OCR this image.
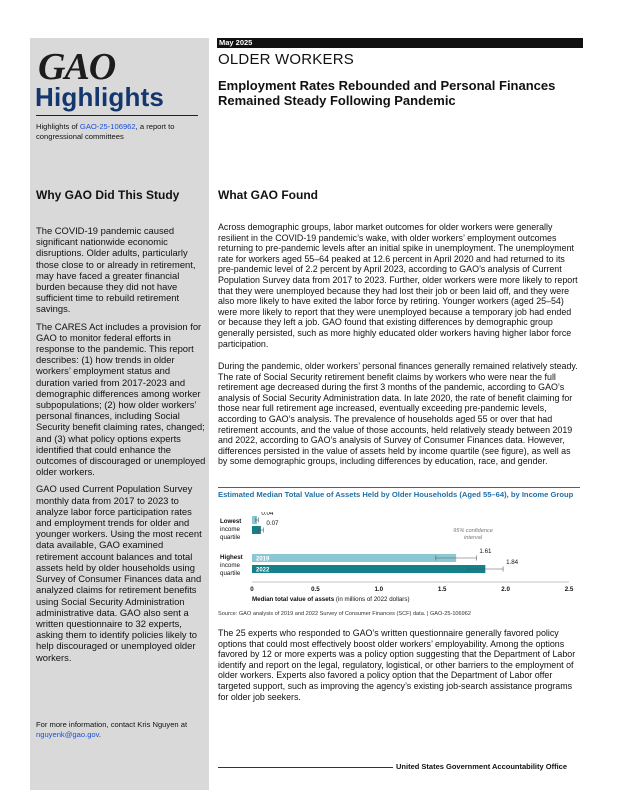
GAO
Highlights
Highlights of GAO-25-106962, a report to congressional committees
Why GAO Did This Study

The COVID-19 pandemic caused significant nationwide economic disruptions. Older adults, particularly those close to or already in retirement, may have faced a greater financial burden because they did not have sufficient time to rebuild retirement savings.

The CARES Act includes a provision for GAO to monitor federal efforts in response to the pandemic. This report describes: (1) how trends in older workers’ employment status and duration varied from 2017-2023 and demographic differences among worker subpopulations; (2) how older workers’ personal finances, including Social Security benefit claiming rates, changed; and (3) what policy options experts identified that could enhance the outcomes of discouraged or unemployed older workers.

GAO used Current Population Survey monthly data from 2017 to 2023 to analyze labor force participation rates and employment trends for older and younger workers. Using the most recent data available, GAO examined retirement account balances and total assets held by older households using Survey of Consumer Finances data and analyzed claims for retirement benefits using Social Security Administration administrative data. GAO also sent a written questionnaire to 32 experts, asking them to identify policies likely to help discouraged or unemployed older workers.

For more information, contact Kris Nguyen at nguyenk@gao.gov.
May 2025
OLDER WORKERS
Employment Rates Rebounded and Personal Finances Remained Steady Following Pandemic
What GAO Found

Across demographic groups, labor market outcomes for older workers were generally resilient in the COVID-19 pandemic’s wake, with older workers’ employment outcomes returning to pre-pandemic levels after an initial spike in unemployment. The unemployment rate for workers aged 55–64 peaked at 12.6 percent in April 2020 and had returned to its pre-pandemic level of 2.2 percent by April 2023, according to GAO’s analysis of Current Population Survey data from 2017 to 2023. Further, older workers were more likely to report that they were unemployed because they had lost their job or been laid off, and they were also more likely to have exited the labor force by retiring. Younger workers (aged 25–54) were more likely to report that they were unemployed because a temporary job had ended or because they left a job. GAO found that existing differences by demographic group generally persisted, such as more highly educated older workers having higher labor force participation.

During the pandemic, older workers’ personal finances generally remained relatively steady. The rate of Social Security retirement benefit claims by workers who were near the full retirement age decreased during the first 3 months of the pandemic, according to GAO’s analysis of Social Security Administration data. In late 2020, the rate of benefit claiming for those near full retirement age increased, eventually exceeding pre-pandemic levels, according to GAO’s analysis. The prevalence of households aged 55 or over that had retirement accounts, and the value of those accounts, held relatively steady between 2019 and 2022, according to GAO’s analysis of Survey of Consumer Finances data. However, differences persisted in the value of assets held by income quartile (see figure), as well as by some demographic groups, including differences by education, race, and gender.

Estimated Median Total Value of Assets Held by Older Households (Aged 55–64), by Income Group
Lowest
income
quartile
Highest
income
quartile
0	0.5	1.0	1.5	2.0	2.5
Median total value of assets (in millions of 2022 dollars)
0.04
1.61
0.07
1.84
2019
2022
95% confidence
interval
Source: GAO analysis of 2019 and 2022 Survey of Consumer Finances (SCF) data. | GAO-25-106962

The 25 experts who responded to GAO’s written questionnaire generally favored policy options that could most effectively boost older workers’ employability. Among the options favored by 12 or more experts was a policy option suggesting that the Department of Labor identify and report on the legal, regulatory, logistical, or other barriers to the employment of older workers. Experts also favored a policy option that the Department of Labor offer targeted support, such as improving the agency’s existing job-search assistance programs for older job seekers.

United States Government Accountability Office
